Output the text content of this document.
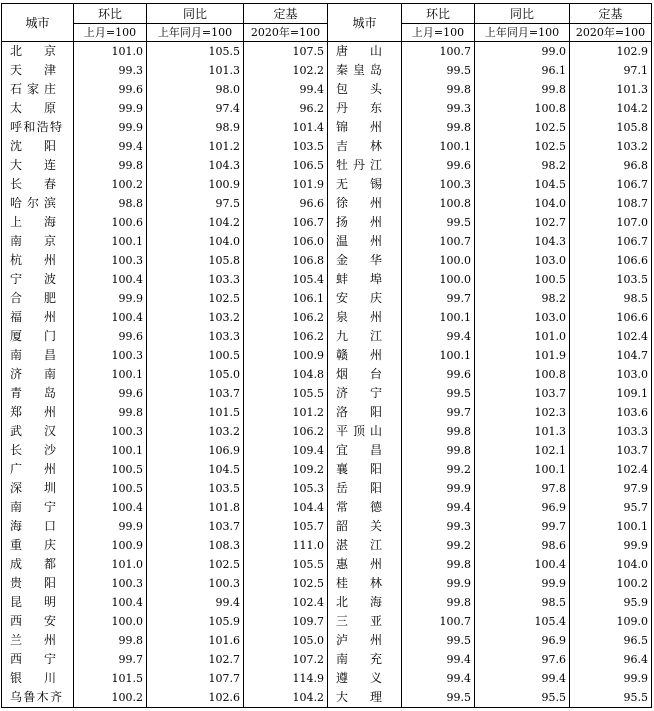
城市	环比	同比	定基	城市	环比	同比	定基
	上月=100	上年同月=100	2020年=100		上月=100	上年同月=100	2020年=100

北京	101.0	105.5	107.5	唐山	100.7	99.0	102.9

天津	99.3	101.3	102.2	秦皇岛	99.5	96.1	97.1

石家庄	99.6	98.0	99.4	包头	99.8	99.8	101.3

太原	99.9	97.4	96.2	丹东	99.3	100.8	104.2

呼和浩特	99.9	98.9	101.4	锦州	99.8	102.5	105.8

沈阳	99.4	101.2	103.5	吉林	100.1	102.5	103.2

大连	99.8	104.3	106.5	牡丹江	99.6	98.2	96.8

长春	100.2	100.9	101.9	无锡	100.3	104.5	106.7

哈尔滨	98.8	97.5	96.6	徐州	100.8	104.0	108.7

上海	100.6	104.2	106.7	扬州	99.5	102.7	107.0

南京	100.1	104.0	106.0	温州	100.7	104.3	106.7

杭州	100.3	105.8	106.8	金华	100.0	103.0	106.6

宁波	100.4	103.3	105.4	蚌埠	100.0	100.5	103.5

合肥	99.9	102.5	106.1	安庆	99.7	98.2	98.5

福州	100.4	103.2	106.2	泉州	100.1	103.0	106.6

厦门	99.6	103.3	106.2	九江	99.4	101.0	102.4

南昌	100.3	100.5	100.9	赣州	100.1	101.9	104.7

济南	100.1	105.0	104.8	烟台	99.6	100.8	103.0

青岛	99.6	103.7	105.5	济宁	99.5	103.7	109.1

郑州	99.8	101.5	101.2	洛阳	99.7	102.3	103.6

武汉	100.3	103.2	106.2	平顶山	99.8	101.3	103.3

长沙	100.1	106.9	109.4	宜昌	99.8	102.1	103.7

广州	100.5	104.5	109.2	襄阳	99.2	100.1	102.4

深圳	100.5	103.5	105.3	岳阳	99.9	97.8	97.9

南宁	100.4	101.8	104.4	常德	99.4	96.9	95.7

海口	99.9	103.7	105.7	韶关	99.3	99.7	100.1

重庆	100.9	108.3	111.0	湛江	99.2	98.6	99.9

成都	101.0	102.5	105.5	惠州	99.8	100.4	104.0

贵阳	100.3	100.3	102.5	桂林	99.9	99.9	100.2

昆明	100.4	99.4	102.4	北海	99.8	98.5	95.9

西安	100.0	105.9	109.7	三亚	100.7	105.4	109.0

兰州	99.8	101.6	105.0	泸州	99.5	96.9	96.5

西宁	99.7	102.7	107.2	南充	99.4	97.6	96.4

银川	101.5	107.7	114.9	遵义	99.4	99.4	99.9

乌鲁木齐	100.2	102.6	104.2	大理	99.5	95.5	95.5
